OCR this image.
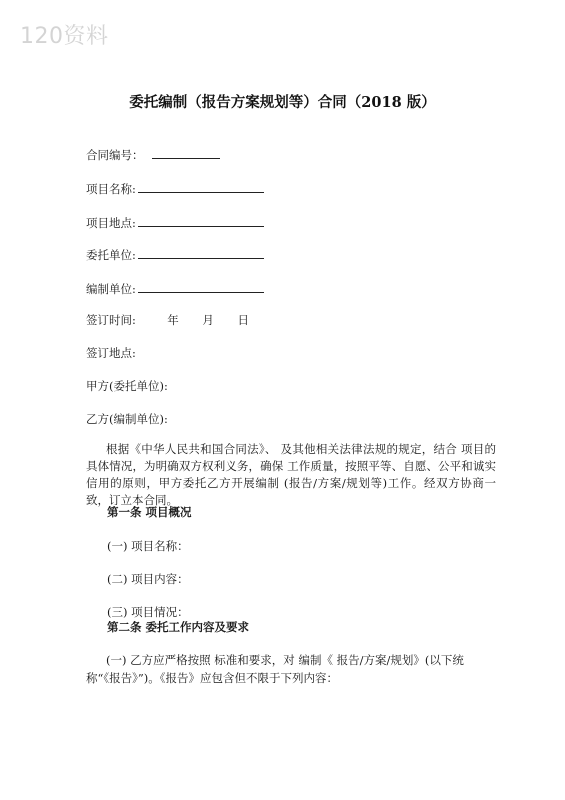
120资料
委托编制（报告方案规划等）合同（2018 版）
合同编号：
项目名称:
项目地点:
委托单位:
编制单位:
签订时间:	年 月 日
签订地点:
甲方(委托单位):
乙方(编制单位):
根据《中华人民共和国合同法》、 及其他相关法律法规的规定，结合 项目的具体情况，为明确双方权利义务，确保 工作质量，按照平等、自愿、公平和诚实信用的原则，甲方委托乙方开展编制 (报告/方案/规划等)工作。经双方协商一致，订立本合同。
第一条 项目概况
(一) 项目名称：
(二) 项目内容：
(三) 项目情况：
第二条 委托工作内容及要求
(一) 乙方应严格按照 标准和要求，对 编制《 报告/方案/规划》(以下统称“《报告》”)。《报告》应包含但不限于下列内容：
